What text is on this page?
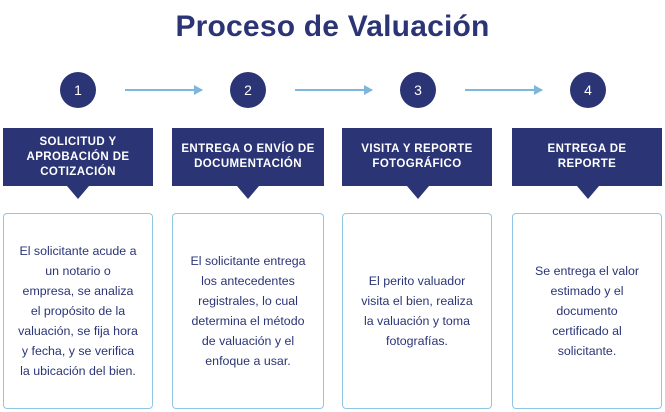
Proceso de Valuación
1	2	3	4
SOLICITUD Y APROBACIÓN DE COTIZACIÓN
El solicitante acude a un notario o empresa, se analiza el propósito de la valuación, se fija hora y fecha, y se verifica la ubicación del bien.
ENTREGA O ENVÍO DE DOCUMENTACIÓN
El solicitante entrega los antecedentes registrales, lo cual determina el método de valuación y el enfoque a usar.
VISITA Y REPORTE FOTOGRÁFICO
El perito valuador visita el bien, realiza la valuación y toma fotografías.
ENTREGA DE REPORTE
Se entrega el valor estimado y el documento certificado al solicitante.
